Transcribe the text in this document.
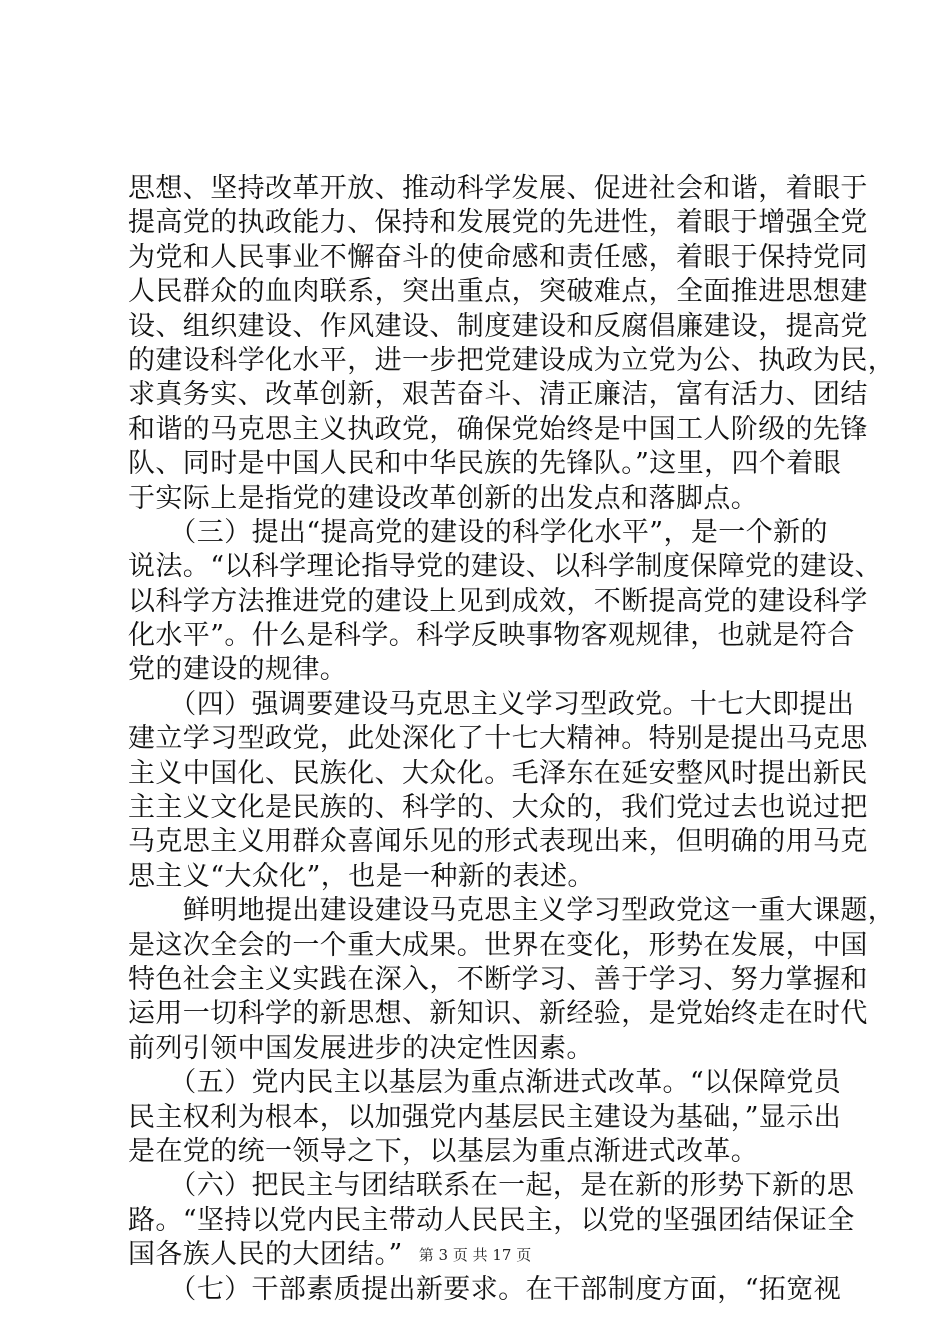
思想、坚持改革开放、推动科学发展、促进社会和谐，着眼于
提高党的执政能力、保持和发展党的先进性，着眼于增强全党
为党和人民事业不懈奋斗的使命感和责任感，着眼于保持党同
人民群众的血肉联系，突出重点，突破难点，全面推进思想建
设、组织建设、作风建设、制度建设和反腐倡廉建设，提高党
的建设科学化水平，进一步把党建设成为立党为公、执政为民，
求真务实、改革创新，艰苦奋斗、清正廉洁，富有活力、团结
和谐的马克思主义执政党，确保党始终是中国工人阶级的先锋
队、同时是中国人民和中华民族的先锋队。”这里，四个着眼
于实际上是指党的建设改革创新的出发点和落脚点。
　　（三）提出“提高党的建设的科学化水平”，是一个新的
说法。“以科学理论指导党的建设、以科学制度保障党的建设、
以科学方法推进党的建设上见到成效，不断提高党的建设科学
化水平”。什么是科学。科学反映事物客观规律，也就是符合
党的建设的规律。
　　（四）强调要建设马克思主义学习型政党。十七大即提出
建立学习型政党，此处深化了十七大精神。特别是提出马克思
主义中国化、民族化、大众化。毛泽东在延安整风时提出新民
主主义文化是民族的、科学的、大众的，我们党过去也说过把
马克思主义用群众喜闻乐见的形式表现出来，但明确的用马克
思主义“大众化”，也是一种新的表述。
　　鲜明地提出建设建设马克思主义学习型政党这一重大课题，
是这次全会的一个重大成果。世界在变化，形势在发展，中国
特色社会主义实践在深入，不断学习、善于学习、努力掌握和
运用一切科学的新思想、新知识、新经验，是党始终走在时代
前列引领中国发展进步的决定性因素。
　　（五）党内民主以基层为重点渐进式改革。“以保障党员
民主权利为根本，以加强党内基层民主建设为基础，”显示出
是在党的统一领导之下，以基层为重点渐进式改革。
　　（六）把民主与团结联系在一起，是在新的形势下新的思
路。“坚持以党内民主带动人民民主，以党的坚强团结保证全
国各族人民的大团结。”
　　（七）干部素质提出新要求。在干部制度方面，“拓宽视
第 3 页 共 17 页
